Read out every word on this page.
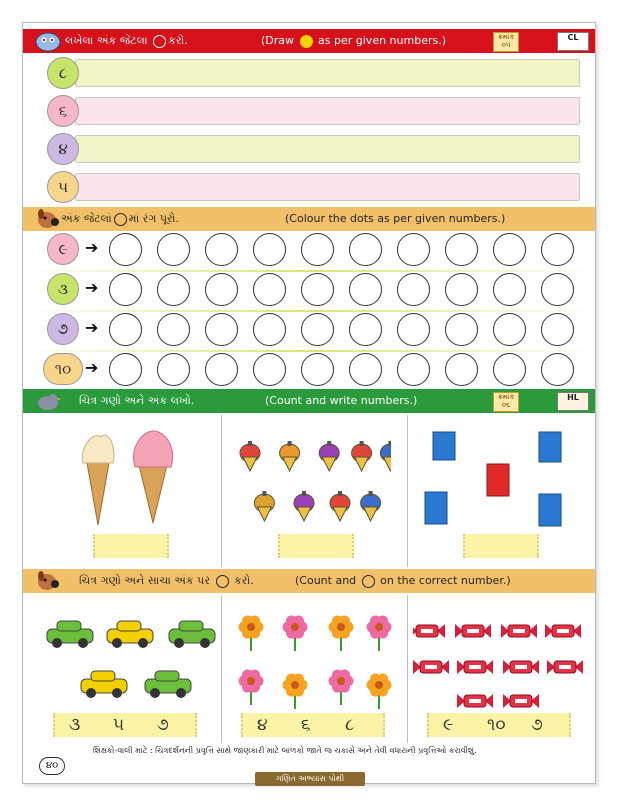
લખેલા અંક જેટલા કરો.	(Draw as per given numbers.)	ક્રમાંક ૦૫
CL
૮
૬
૪
૫
અંક જેટલાં માં રંગ પૂરો.	(Colour the dots as per given numbers.)
૯	➔
૩	➔
૭	➔
૧૦ ➔
ચિત્ર ગણો અને અંક લખો.	(Count and write numbers.)	ક્રમાંક ૦૬
HL
ચિત્ર ગણો અને સાચા અંક પર કરો.	(Count and on the correct number.)
૩ ૫ ૭	૪ ૬ ૮	૯ ૧૦ ૭
૪૦
શિક્ષકો-વાલી માટે : ચિત્રદર્શનની પ્રવૃત્તિ સાથે જાણકારી માટે બાળકો જાતે જ ચકાસે અને તેવી વધારાની પ્રવૃત્તિઓ કરાવીશું.
ગણિત અભ્યાસ પોથી
